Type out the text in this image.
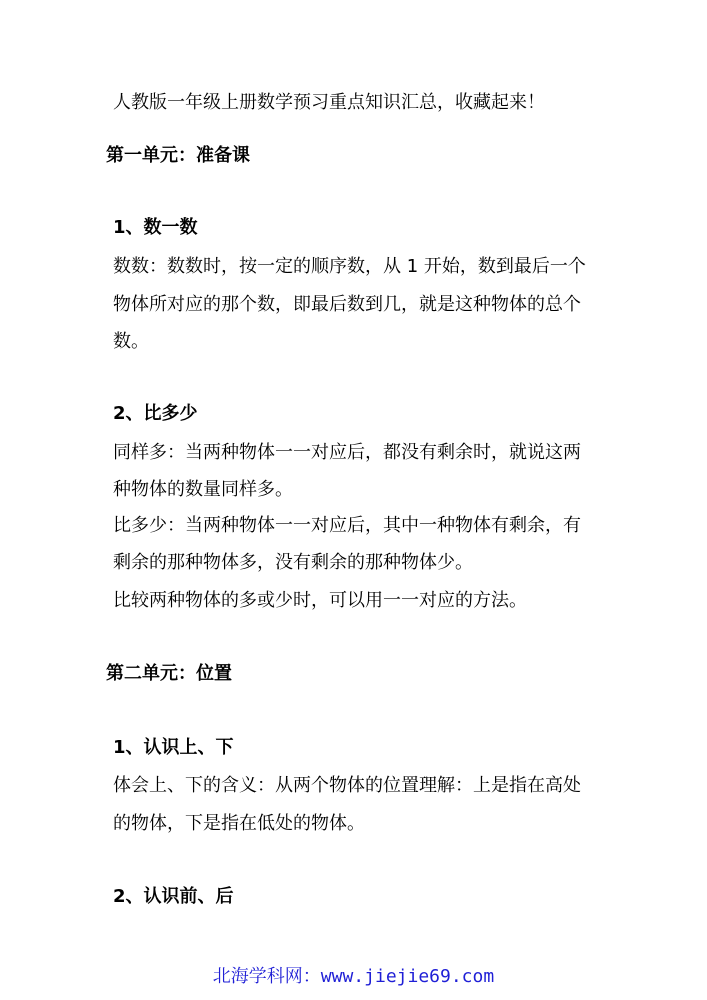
人教版一年级上册数学预习重点知识汇总，收藏起来！
第一单元：准备课
1、数一数
数数：数数时，按一定的顺序数，从 1 开始，数到最后一个
物体所对应的那个数，即最后数到几，就是这种物体的总个
数。
2、比多少
同样多：当两种物体一一对应后，都没有剩余时，就说这两
种物体的数量同样多。
比多少：当两种物体一一对应后，其中一种物体有剩余，有
剩余的那种物体多，没有剩余的那种物体少。
比较两种物体的多或少时，可以用一一对应的方法。
第二单元：位置
1、认识上、下
体会上、下的含义：从两个物体的位置理解：上是指在高处
的物体，下是指在低处的物体。
2、认识前、后
北海学科网：www.jiejie69.com
